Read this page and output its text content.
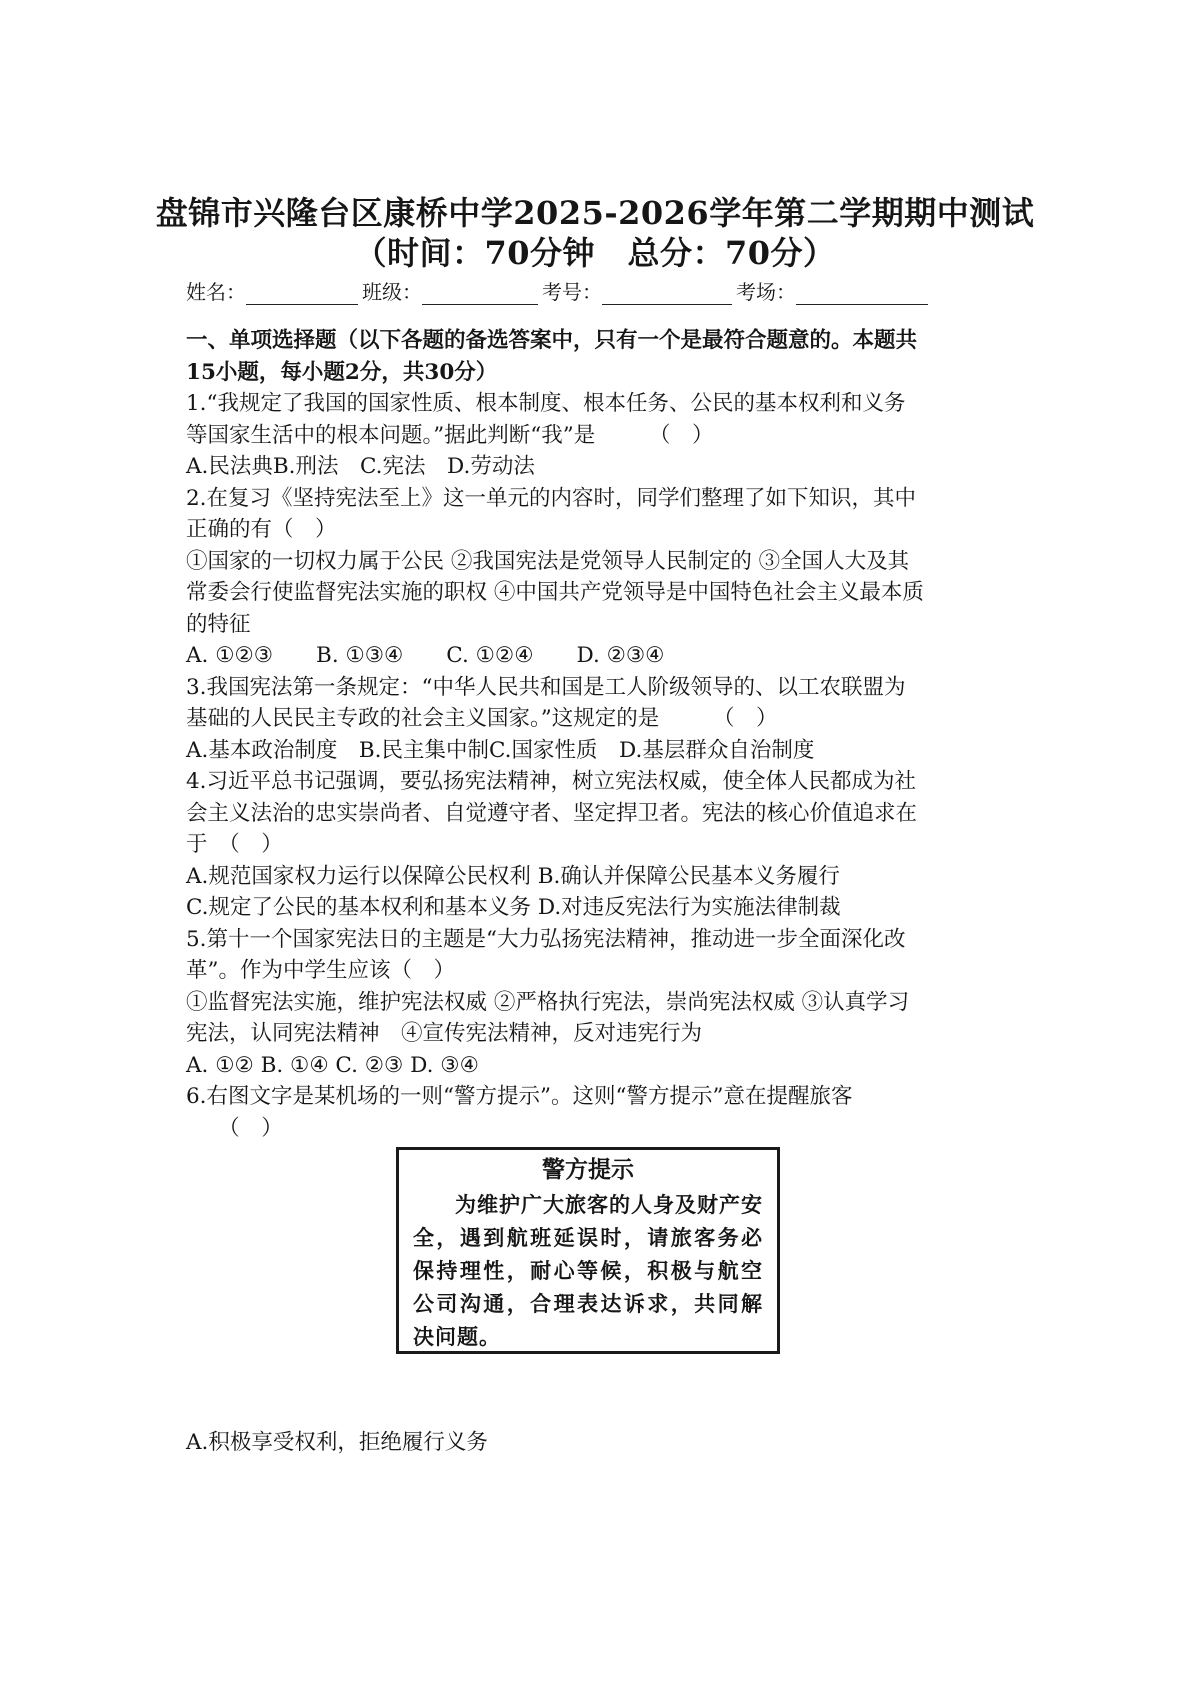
盘锦市兴隆台区康桥中学2025-2026学年第二学期期中测试
（时间：70分钟　总分：70分）
姓名：	班级：	考号：	考场：

一、单项选择题（以下各题的备选答案中，只有一个是最符合题意的。本题共

15小题，每小题2分，共30分）

1.“我规定了我国的国家性质、根本制度、根本任务、公民的基本权利和义务

等国家生活中的根本问题。”据此判断“我”是　　　（　）

A.民法典B.刑法　C.宪法　D.劳动法

2.在复习《坚持宪法至上》这一单元的内容时，同学们整理了如下知识，其中

正确的有（　）

①国家的一切权力属于公民 ②我国宪法是党领导人民制定的 ③全国人大及其

常委会行使监督宪法实施的职权 ④中国共产党领导是中国特色社会主义最本质

的特征

A. ①②③　　B. ①③④　　C. ①②④　　D. ②③④

3.我国宪法第一条规定：“中华人民共和国是工人阶级领导的、以工农联盟为

基础的人民民主专政的社会主义国家。”这规定的是　　　（　）

A.基本政治制度　B.民主集中制C.国家性质　D.基层群众自治制度

4.习近平总书记强调，要弘扬宪法精神，树立宪法权威，使全体人民都成为社

会主义法治的忠实崇尚者、自觉遵守者、坚定捍卫者。宪法的核心价值追求在

于　（　）

A.规范国家权力运行以保障公民权利 B.确认并保障公民基本义务履行

C.规定了公民的基本权利和基本义务 D.对违反宪法行为实施法律制裁

5.第十一个国家宪法日的主题是“大力弘扬宪法精神，推动进一步全面深化改

革”。作为中学生应该（　）

①监督宪法实施，维护宪法权威 ②严格执行宪法，崇尚宪法权威 ③认真学习

宪法，认同宪法精神　④宣传宪法精神，反对违宪行为

A. ①② B. ①④ C. ②③ D. ③④

6.右图文字是某机场的一则“警方提示”。这则“警方提示”意在提醒旅客

　　（　）

警方提示
为维护广大旅客的人身及财产安全，遇到航班延误时，请旅客务必保持理性，耐心等候，积极与航空公司沟通，合理表达诉求，共同解决问题。
A.积极享受权利，拒绝履行义务
